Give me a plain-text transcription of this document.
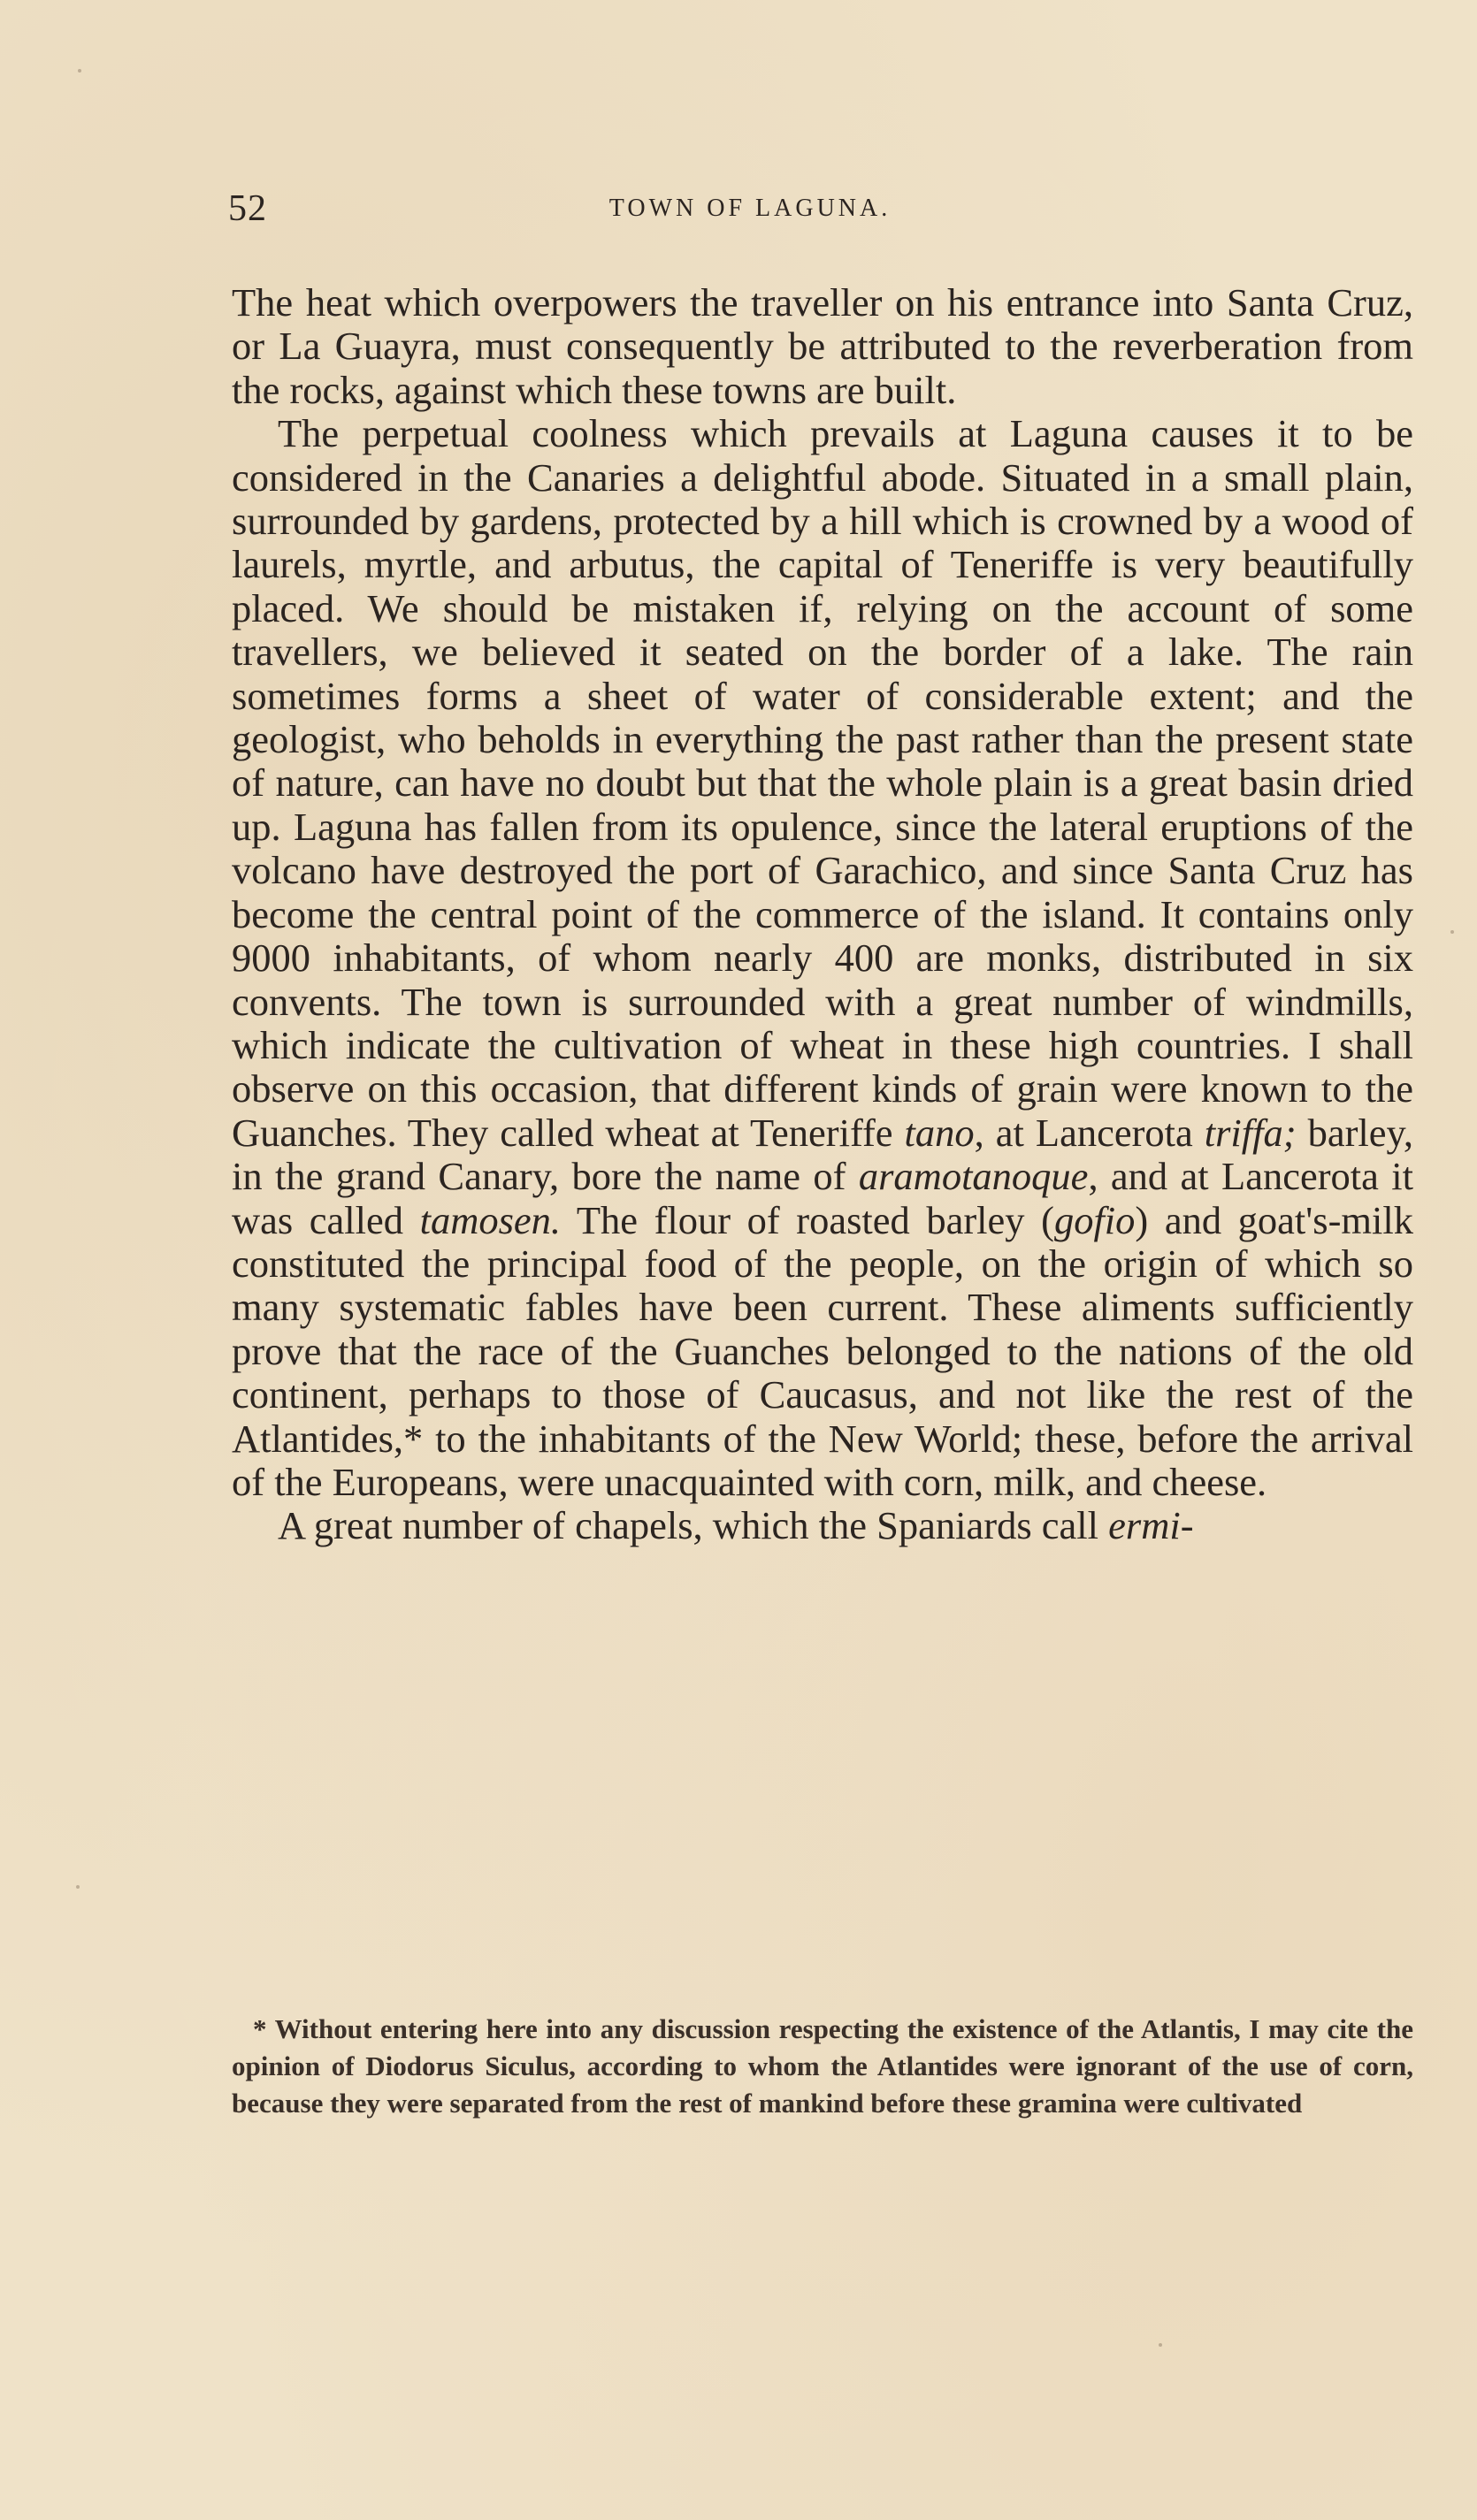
52	TOWN OF LAGUNA.

The heat which overpowers the traveller on his entrance into Santa Cruz, or La Guayra, must consequently be attributed to the reverberation from the rocks, against which these towns are built.

The perpetual coolness which prevails at Laguna causes it to be considered in the Canaries a delightful abode. Situated in a small plain, surrounded by gardens, protected by a hill which is crowned by a wood of laurels, myrtle, and arbutus, the capital of Teneriffe is very beautifully placed. We should be mistaken if, relying on the account of some travellers, we believed it seated on the border of a lake. The rain sometimes forms a sheet of water of considerable extent; and the geologist, who beholds in everything the past rather than the present state of nature, can have no doubt but that the whole plain is a great basin dried up. Laguna has fallen from its opulence, since the lateral eruptions of the volcano have destroyed the port of Garachico, and since Santa Cruz has become the central point of the commerce of the island. It contains only 9000 inhabitants, of whom nearly 400 are monks, distributed in six convents. The town is surrounded with a great number of windmills, which indicate the cultivation of wheat in these high countries. I shall observe on this occasion, that different kinds of grain were known to the Guanches. They called wheat at Teneriffe tano, at Lancerota triffa; barley, in the grand Canary, bore the name of aramotanoque, and at Lancerota it was called tamosen. The flour of roasted barley (gofio) and goat's-milk constituted the principal food of the people, on the origin of which so many systematic fables have been current. These aliments sufficiently prove that the race of the Guanches belonged to the nations of the old continent, perhaps to those of Caucasus, and not like the rest of the Atlantides,* to the inhabitants of the New World; these, before the arrival of the Europeans, were unacquainted with corn, milk, and cheese.

A great number of chapels, which the Spaniards call ermi-

* Without entering here into any discussion respecting the existence of the Atlantis, I may cite the opinion of Diodorus Siculus, according to whom the Atlantides were ignorant of the use of corn, because they were separated from the rest of mankind before these gramina were cultivated
